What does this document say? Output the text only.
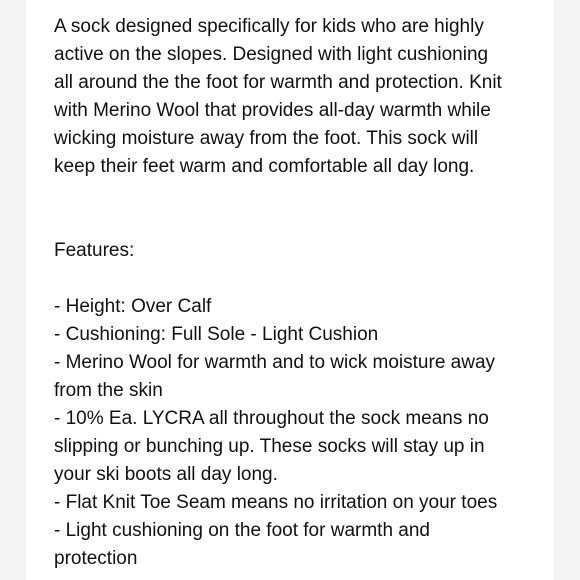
A sock designed specifically for kids who are highly

active on the slopes. Designed with light cushioning

all around the the foot for warmth and protection. Knit

with Merino Wool that provides all-day warmth while

wicking moisture away from the foot. This sock will

keep their feet warm and comfortable all day long.

Features:

- Height: Over Calf

- Cushioning: Full Sole - Light Cushion

- Merino Wool for warmth and to wick moisture away

from the skin

- 10% Ea. LYCRA all throughout the sock means no

slipping or bunching up. These socks will stay up in

your ski boots all day long.

- Flat Knit Toe Seam means no irritation on your toes

- Light cushioning on the foot for warmth and

protection
